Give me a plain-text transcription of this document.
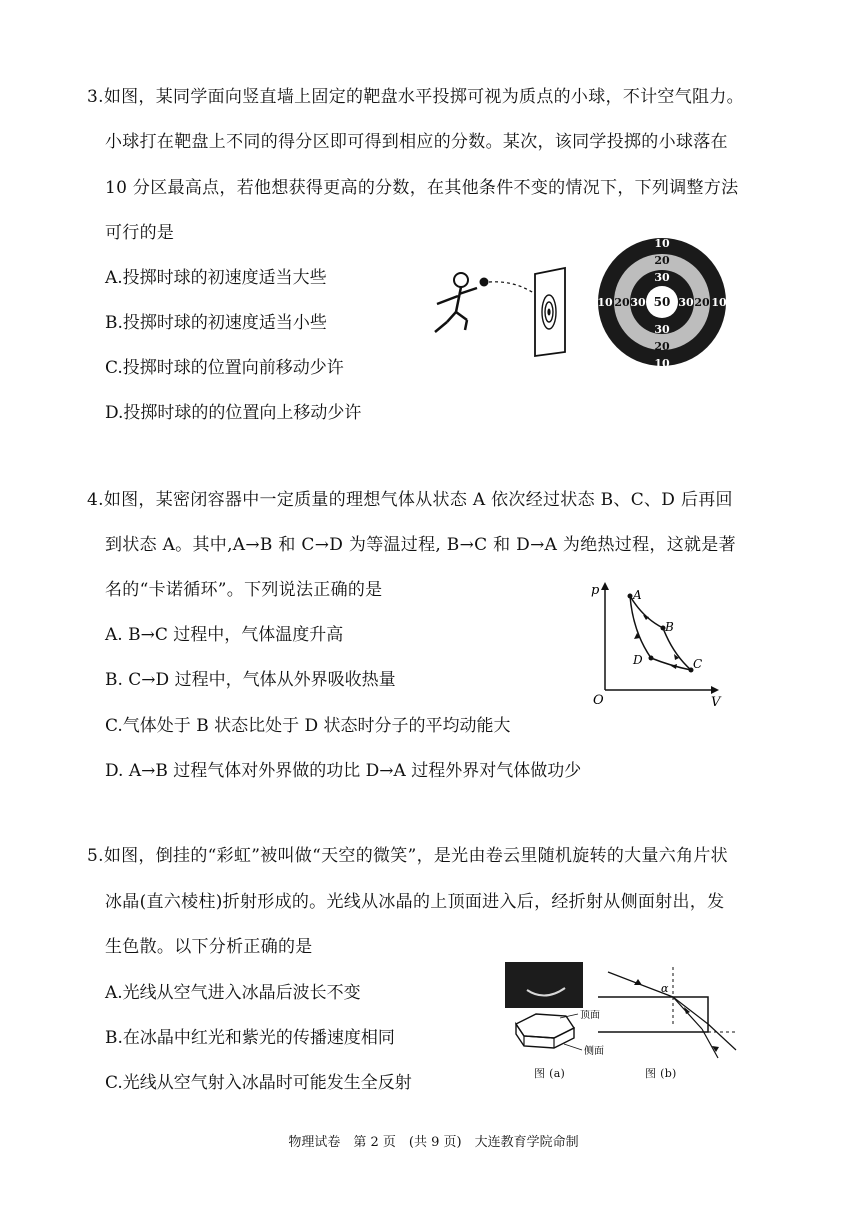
3.如图，某同学面向竖直墙上固定的靶盘水平投掷可视为质点的小球，不计空气阻力。
小球打在靶盘上不同的得分区即可得到相应的分数。某次，该同学投掷的小球落在
10 分区最高点，若他想获得更高的分数，在其他条件不变的情况下，下列调整方法
可行的是
A.投掷时球的初速度适当大些
B.投掷时球的初速度适当小些
C.投掷时球的位置向前移动少许
D.投掷时球的的位置向上移动少许
10
10
10	10
20
20
20	20
30
30
30	30
50
4.如图，某密闭容器中一定质量的理想气体从状态 A 依次经过状态 B、C、D 后再回
到状态 A。其中,A→B 和 C→D 为等温过程, B→C 和 D→A 为绝热过程，这就是著
名的“卡诺循环”。下列说法正确的是
A. B→C 过程中，气体温度升高
B. C→D 过程中，气体从外界吸收热量
C.气体处于 B 状态比处于 D 状态时分子的平均动能大
D. A→B 过程气体对外界做的功比 D→A 过程外界对气体做功少
p
V
O
A
B
C
D
5.如图，倒挂的“彩虹”被叫做“天空的微笑”，是光由卷云里随机旋转的大量六角片状
冰晶(直六棱柱)折射形成的。光线从冰晶的上顶面进入后，经折射从侧面射出，发
生色散。以下分析正确的是
A.光线从空气进入冰晶后波长不变
B.在冰晶中红光和紫光的传播速度相同
C.光线从空气射入冰晶时可能发生全反射
顶面
侧面
图 (a)
α
图 (b)
物理试卷　第 2 页　(共 9 页)　大连教育学院命制
